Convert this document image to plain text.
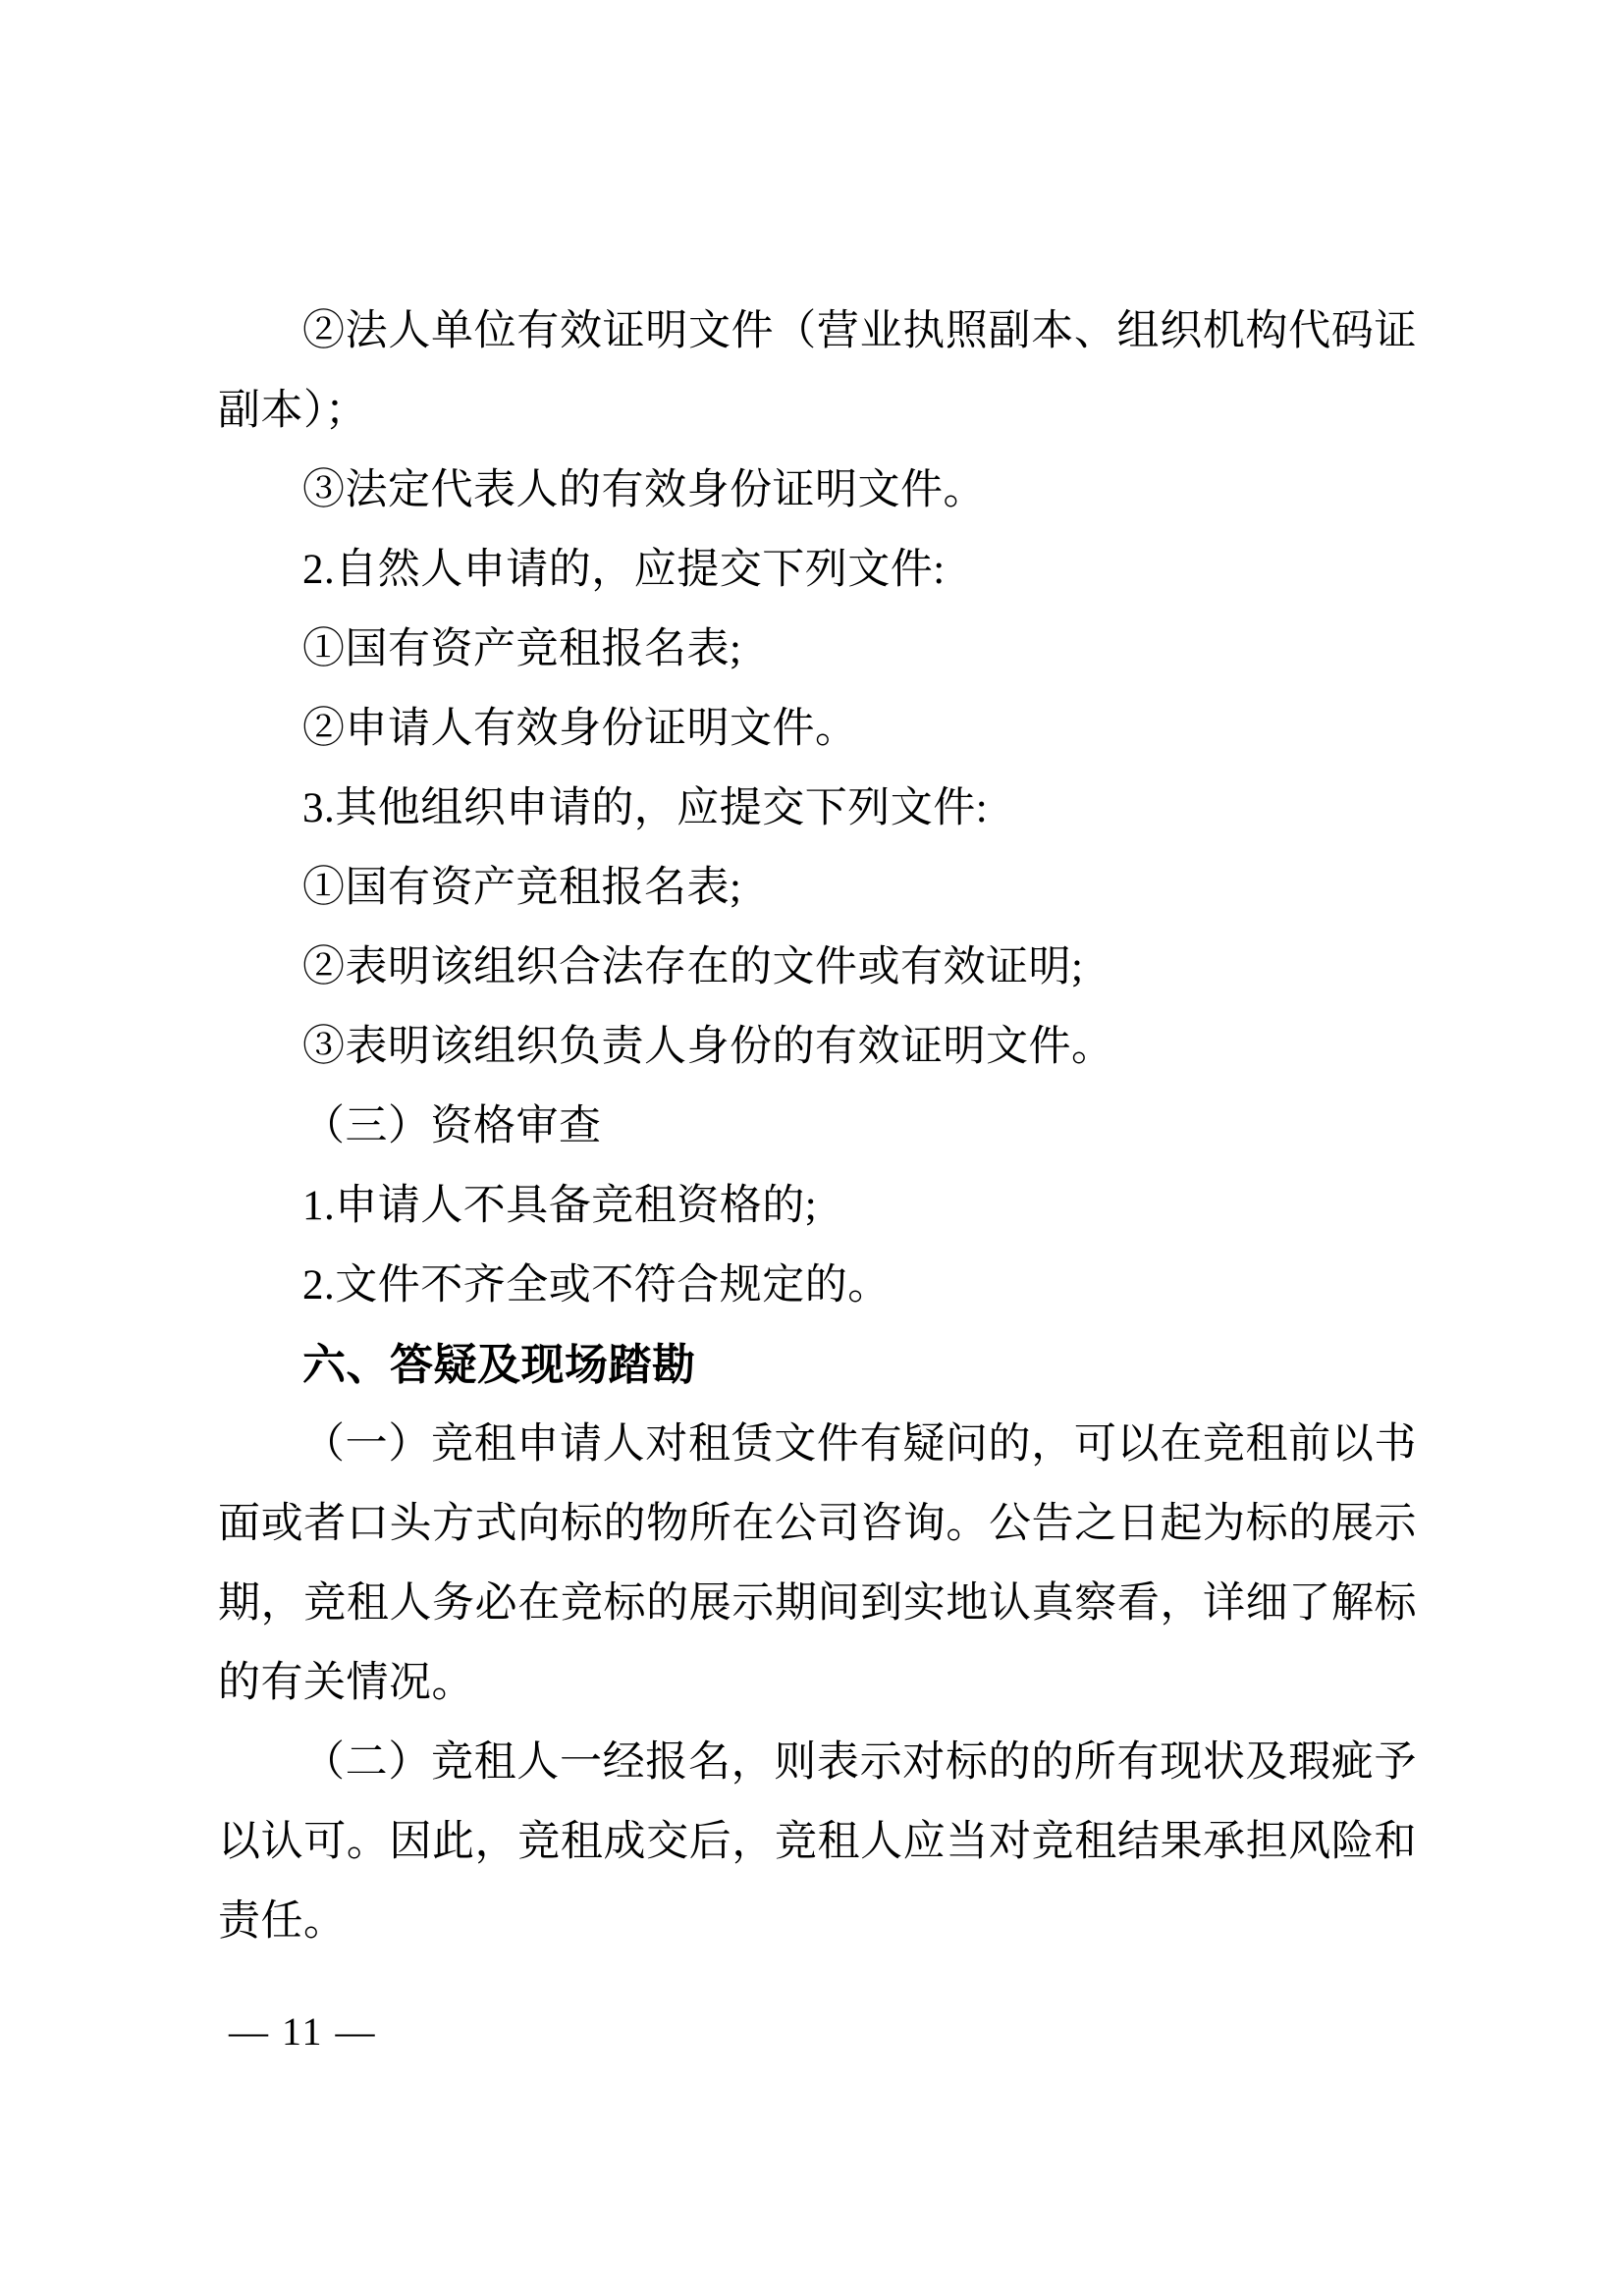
②法人单位有效证明文件（营业执照副本、组织机构代码证
副本）；
③法定代表人的有效身份证明文件。
2.自然人申请的，应提交下列文件:
①国有资产竞租报名表;
②申请人有效身份证明文件。
3.其他组织申请的，应提交下列文件:
①国有资产竞租报名表;
②表明该组织合法存在的文件或有效证明;
③表明该组织负责人身份的有效证明文件。
（三）资格审查
1.申请人不具备竞租资格的;
2.文件不齐全或不符合规定的。
六、答疑及现场踏勘
（一）竞租申请人对租赁文件有疑问的，可以在竞租前以书
面或者口头方式向标的物所在公司咨询。公告之日起为标的展示
期，竞租人务必在竞标的展示期间到实地认真察看，详细了解标
的有关情况。
（二）竞租人一经报名，则表示对标的的所有现状及瑕疵予
以认可。因此，竞租成交后，竞租人应当对竞租结果承担风险和
责任。
— 11 —
